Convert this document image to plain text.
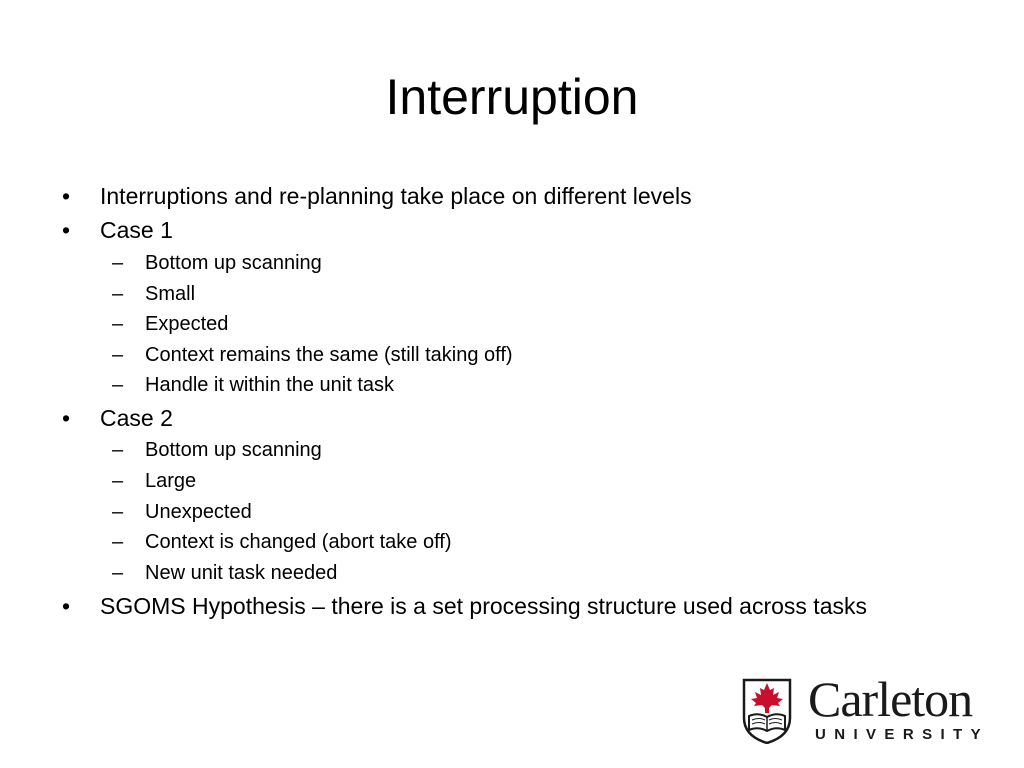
Interruption
•	Interruptions and re-planning take place on different levels
•	Case 1
–	Bottom up scanning
–	Small
–	Expected
–	Context remains the same (still taking off)
–	Handle it within the unit task
•	Case 2
–	Bottom up scanning
–	Large
–	Unexpected
–	Context is changed (abort take off)
–	New unit task needed
•	SGOMS Hypothesis – there is a set processing structure used across tasks
Carleton
UNIVERSITY
